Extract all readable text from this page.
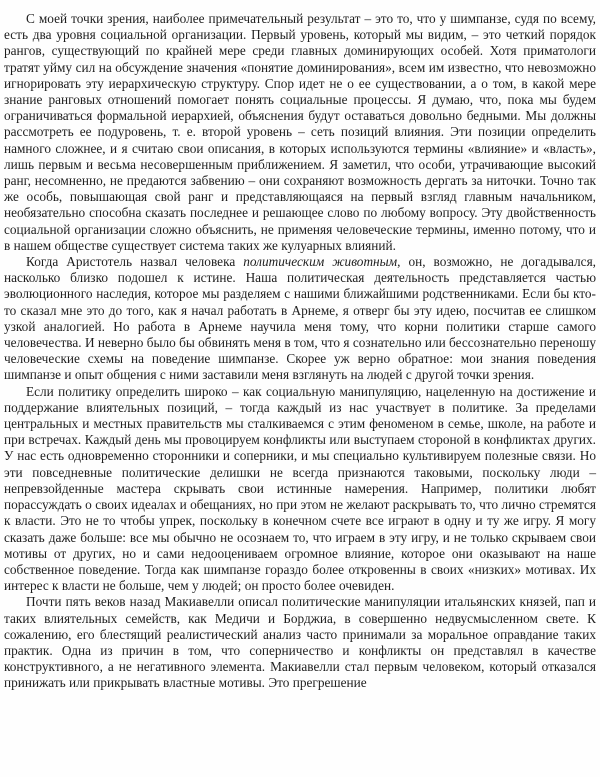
С моей точки зрения, наиболее примечательный результат – это то, что у шимпанзе, судя по всему, есть два уровня социальной организации. Первый уровень, который мы видим, – это четкий порядок рангов, существующий по крайней мере среди главных доминирующих особей. Хотя приматологи тратят уйму сил на обсуждение значения «понятие доминирования», всем им известно, что невозможно игнорировать эту иерархическую структуру. Спор идет не о ее существовании, а о том, в какой мере знание ранговых отношений помогает понять социальные процессы. Я думаю, что, пока мы будем ограничиваться формальной иерархией, объяснения будут оставаться довольно бедными. Мы должны рассмотреть ее подуровень, т. е. второй уровень – сеть позиций влияния. Эти позиции определить намного сложнее, и я считаю свои описания, в которых используются термины «влияние» и «власть», лишь первым и весьма несовершенным приближением. Я заметил, что особи, утрачивающие высокий ранг, несомненно, не предаются забвению – они сохраняют возможность дергать за ниточки. Точно так же особь, повышающая свой ранг и представляющаяся на первый взгляд главным начальником, необязательно способна сказать последнее и решающее слово по любому вопросу. Эту двойственность социальной организации сложно объяснить, не применяя человеческие термины, именно потому, что и в нашем обществе существует система таких же кулуарных влияний.

Когда Аристотель назвал человека политическим животным, он, возможно, не догадывался, насколько близко подошел к истине. Наша политическая деятельность представляется частью эволюционного наследия, которое мы разделяем с нашими ближайшими родственниками. Если бы кто-то сказал мне это до того, как я начал работать в Арнеме, я отверг бы эту идею, посчитав ее слишком узкой аналогией. Но работа в Арнеме научила меня тому, что корни политики старше самого человечества. И неверно было бы обвинять меня в том, что я сознательно или бессознательно переношу человеческие схемы на поведение шимпанзе. Скорее уж верно обратное: мои знания поведения шимпанзе и опыт общения с ними заставили меня взглянуть на людей с другой точки зрения.

Если политику определить широко – как социальную манипуляцию, нацеленную на достижение и поддержание влиятельных позиций, – тогда каждый из нас участвует в политике. За пределами центральных и местных правительств мы сталкиваемся с этим феноменом в семье, школе, на работе и при встречах. Каждый день мы провоцируем конфликты или выступаем стороной в конфликтах других. У нас есть одновременно сторонники и соперники, и мы специально культивируем полезные связи. Но эти повседневные политические делишки не всегда признаются таковыми, поскольку люди – непревзойденные мастера скрывать свои истинные намерения. Например, политики любят порассуждать о своих идеалах и обещаниях, но при этом не желают раскрывать то, что лично стремятся к власти. Это не то чтобы упрек, поскольку в конечном счете все играют в одну и ту же игру. Я могу сказать даже больше: все мы обычно не осознаем то, что играем в эту игру, и не только скрываем свои мотивы от других, но и сами недооцениваем огромное влияние, которое они оказывают на наше собственное поведение. Тогда как шимпанзе гораздо более откровенны в своих «низких» мотивах. Их интерес к власти не больше, чем у людей; он просто более очевиден.

Почти пять веков назад Макиавелли описал политические манипуляции итальянских князей, пап и таких влиятельных семейств, как Медичи и Борджиа, в совершенно недвусмысленном свете. К сожалению, его блестящий реалистический анализ часто принимали за моральное оправдание таких практик. Одна из причин в том, что соперничество и конфликты он представлял в качестве конструктивного, а не негативного элемента. Макиавелли стал первым человеком, который отказался принижать или прикрывать властные мотивы. Это прегрешение
